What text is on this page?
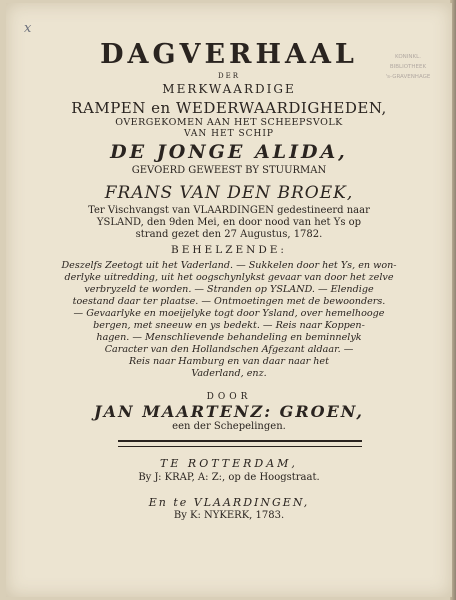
x
KONINKL.
BIBLIOTHEEK
's-GRAVENHAGE
DAGVERHAAL
DER
MERKWAARDIGE
RAMPEN en WEDERWAARDIGHEDEN,
OVERGEKOMEN AAN HET SCHEEPSVOLK
VAN HET SCHIP
DE JONGE ALIDA,
GEVOERD GEWEEST BY STUURMAN
FRANS VAN DEN BROEK,
Ter Vischvangst van VLAARDINGEN gedestineerd naar
YSLAND, den 9den Mei, en door nood van het Ys op
strand gezet den 27 Augustus, 1782.
BEHELZENDE:
Deszelfs Zeetogt uit het Vaderland. — Sukkelen door het Ys, en won-
derlyke uitredding, uit het oogschynlykst gevaar van door het zelve
verbryzeld te worden. — Stranden op YSLAND. — Elendige
toestand daar ter plaatse. — Ontmoetingen met de bewoonders.
— Gevaarlyke en moeijelyke togt door Ysland, over hemelhooge
bergen, met sneeuw en ys bedekt. — Reis naar Koppen-
hagen. — Menschlievende behandeling en beminnelyk
Caracter van den Hollandschen Afgezant aldaar. —
Reis naar Hamburg en van daar naar het
Vaderland, enz.
DOOR
JAN MAARTENZ: GROEN,
een der Schepelingen.
TE ROTTERDAM,
By J: KRAP, A: Z:, op de Hoogstraat.
En te VLAARDINGEN,
By K: NYKERK, 1783.
